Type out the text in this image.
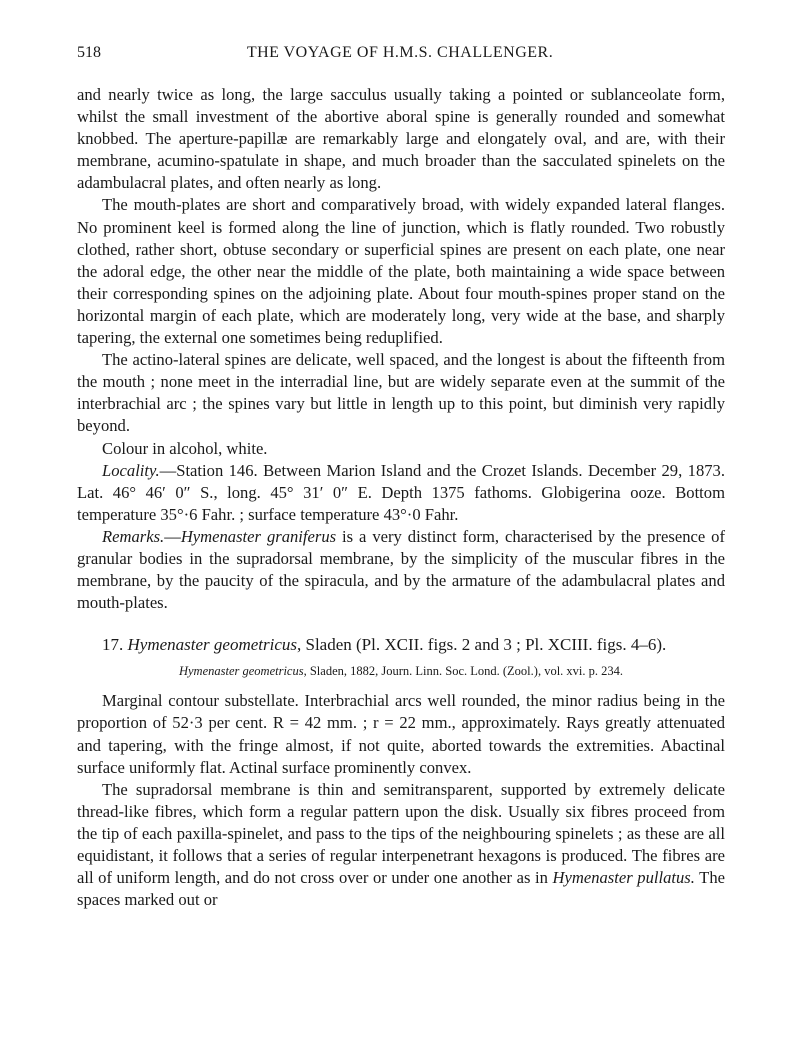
518	THE VOYAGE OF H.M.S. CHALLENGER.

and nearly twice as long, the large sacculus usually taking a pointed or sublanceolate form, whilst the small investment of the abortive aboral spine is generally rounded and somewhat knobbed. The aperture-papillæ are remarkably large and elongately oval, and are, with their membrane, acumino-spatulate in shape, and much broader than the sacculated spinelets on the adambulacral plates, and often nearly as long.

The mouth-plates are short and comparatively broad, with widely expanded lateral flanges. No prominent keel is formed along the line of junction, which is flatly rounded. Two robustly clothed, rather short, obtuse secondary or superficial spines are present on each plate, one near the adoral edge, the other near the middle of the plate, both maintaining a wide space between their corresponding spines on the adjoining plate. About four mouth-spines proper stand on the horizontal margin of each plate, which are moderately long, very wide at the base, and sharply tapering, the external one sometimes being reduplified.

The actino-lateral spines are delicate, well spaced, and the longest is about the fifteenth from the mouth ; none meet in the interradial line, but are widely separate even at the summit of the interbrachial arc ; the spines vary but little in length up to this point, but diminish very rapidly beyond.

Colour in alcohol, white.

Locality.—Station 146. Between Marion Island and the Crozet Islands. December 29, 1873. Lat. 46° 46′ 0″ S., long. 45° 31′ 0″ E. Depth 1375 fathoms. Globigerina ooze. Bottom temperature 35°·6 Fahr. ; surface temperature 43°·0 Fahr.

Remarks.—Hymenaster graniferus is a very distinct form, characterised by the presence of granular bodies in the supradorsal membrane, by the simplicity of the muscular fibres in the membrane, by the paucity of the spiracula, and by the armature of the adambulacral plates and mouth-plates.

17. Hymenaster geometricus, Sladen (Pl. XCII. figs. 2 and 3 ; Pl. XCIII. figs. 4–6).

Hymenaster geometricus, Sladen, 1882, Journ. Linn. Soc. Lond. (Zool.), vol. xvi. p. 234.

Marginal contour substellate. Interbrachial arcs well rounded, the minor radius being in the proportion of 52·3 per cent. R = 42 mm. ; r = 22 mm., approximately. Rays greatly attenuated and tapering, with the fringe almost, if not quite, aborted towards the extremities. Abactinal surface uniformly flat. Actinal surface prominently convex.

The supradorsal membrane is thin and semitransparent, supported by extremely delicate thread-like fibres, which form a regular pattern upon the disk. Usually six fibres proceed from the tip of each paxilla-spinelet, and pass to the tips of the neighbouring spinelets ; as these are all equidistant, it follows that a series of regular interpenetrant hexagons is produced. The fibres are all of uniform length, and do not cross over or under one another as in Hymenaster pullatus. The spaces marked out or
